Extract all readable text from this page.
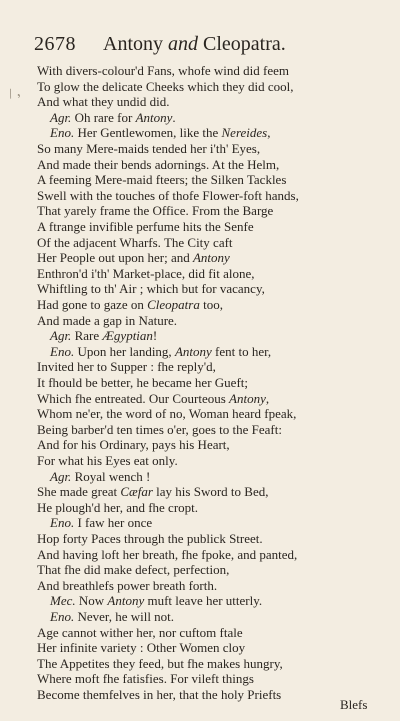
2678 Antony and Cleopatra.
/ ,
With divers-colour'd Fans, whofe wind did feem
To glow the delicate Cheeks which they did cool,
And what they undid did.
Agr. Oh rare for Antony.
Eno. Her Gentlewomen, like the Nereides,
So many Mere-maids tended her i'th' Eyes,
And made their bends adornings. At the Helm,
A feeming Mere-maid fteers; the Silken Tackles
Swell with the touches of thofe Flower-foft hands,
That yarely frame the Office. From the Barge
A ftrange invifible perfume hits the Senfe
Of the adjacent Wharfs. The City caft
Her People out upon her; and Antony
Enthron'd i'th' Market-place, did fit alone,
Whiftling to th' Air ; which but for vacancy,
Had gone to gaze on Cleopatra too,
And made a gap in Nature.
Agr. Rare Ægyptian!
Eno. Upon her landing, Antony fent to her,
Invited her to Supper : fhe reply'd,
It fhould be better, he became her Gueft;
Which fhe entreated. Our Courteous Antony,
Whom ne'er, the word of no, Woman heard fpeak,
Being barber'd ten times o'er, goes to the Feaft:
And for his Ordinary, pays his Heart,
For what his Eyes eat only.
Agr. Royal wench !
She made great Cæfar lay his Sword to Bed,
He plough'd her, and fhe cropt.
Eno. I faw her once
Hop forty Paces through the publick Street.
And having loft her breath, fhe fpoke, and panted,
That fhe did make defect, perfection,
And breathlefs power breath forth.
Mec. Now Antony muft leave her utterly.
Eno. Never, he will not.
Age cannot wither her, nor cuftom ftale
Her infinite variety : Other Women cloy
The Appetites they feed, but fhe makes hungry,
Where moft fhe fatisfies. For vileft things
Become themfelves in her, that the holy Priefts
Blefs
